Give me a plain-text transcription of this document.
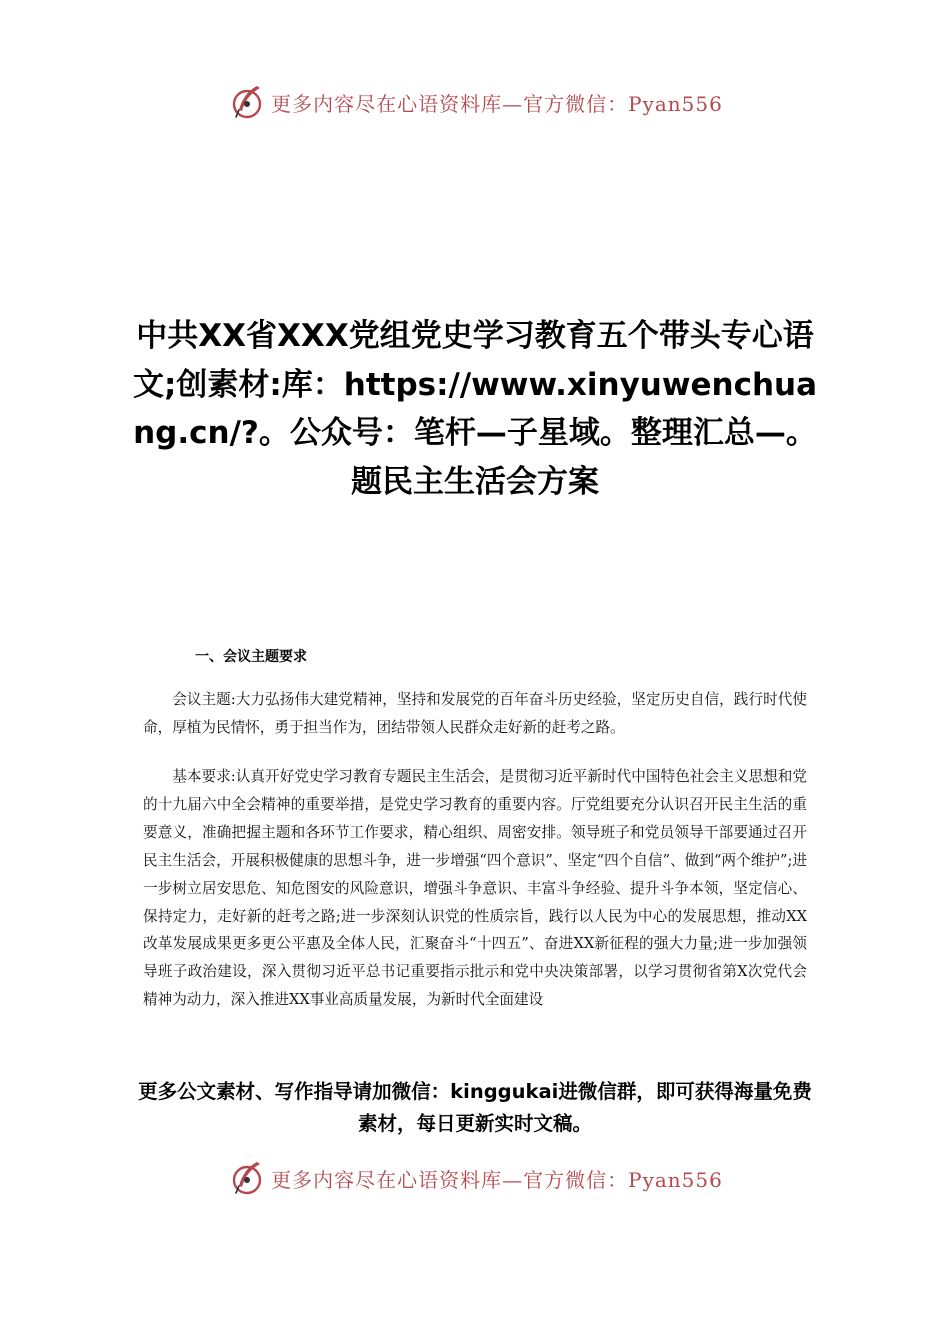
更多内容尽在心语资料库—官方微信：Pyan556
中共XX省XXX党组党史学习教育五个带头专心语文;创素材:库：https://www.xinyuwenchuang.cn/?。公众号：笔杆—子星域。整理汇总—。题民主生活会方案
一、会议主题要求

会议主题:大力弘扬伟大建党精神，坚持和发展党的百年奋斗历史经验，坚定历史自信，践行时代使命，厚植为民情怀，勇于担当作为，团结带领人民群众走好新的赶考之路。

基本要求:认真开好党史学习教育专题民主生活会，是贯彻习近平新时代中国特色社会主义思想和党的十九届六中全会精神的重要举措，是党史学习教育的重要内容。厅党组要充分认识召开民主生活的重要意义，准确把握主题和各环节工作要求，精心组织、周密安排。领导班子和党员领导干部要通过召开民主生活会，开展积极健康的思想斗争，进一步增强“四个意识”、坚定“四个自信”、做到“两个维护”;进一步树立居安思危、知危图安的风险意识，增强斗争意识、丰富斗争经验、提升斗争本领，坚定信心、保持定力，走好新的赶考之路;进一步深刻认识党的性质宗旨，践行以人民为中心的发展思想，推动XX改革发展成果更多更公平惠及全体人民，汇聚奋斗“十四五”、奋进XX新征程的强大力量;进一步加强领导班子政治建设，深入贯彻习近平总书记重要指示批示和党中央决策部署，以学习贯彻省第X次党代会精神为动力，深入推进XX事业高质量发展，为新时代全面建设

更多公文素材、写作指导请加微信：kinggukai进微信群，即可获得海量免费素材，每日更新实时文稿。
更多内容尽在心语资料库—官方微信：Pyan556
